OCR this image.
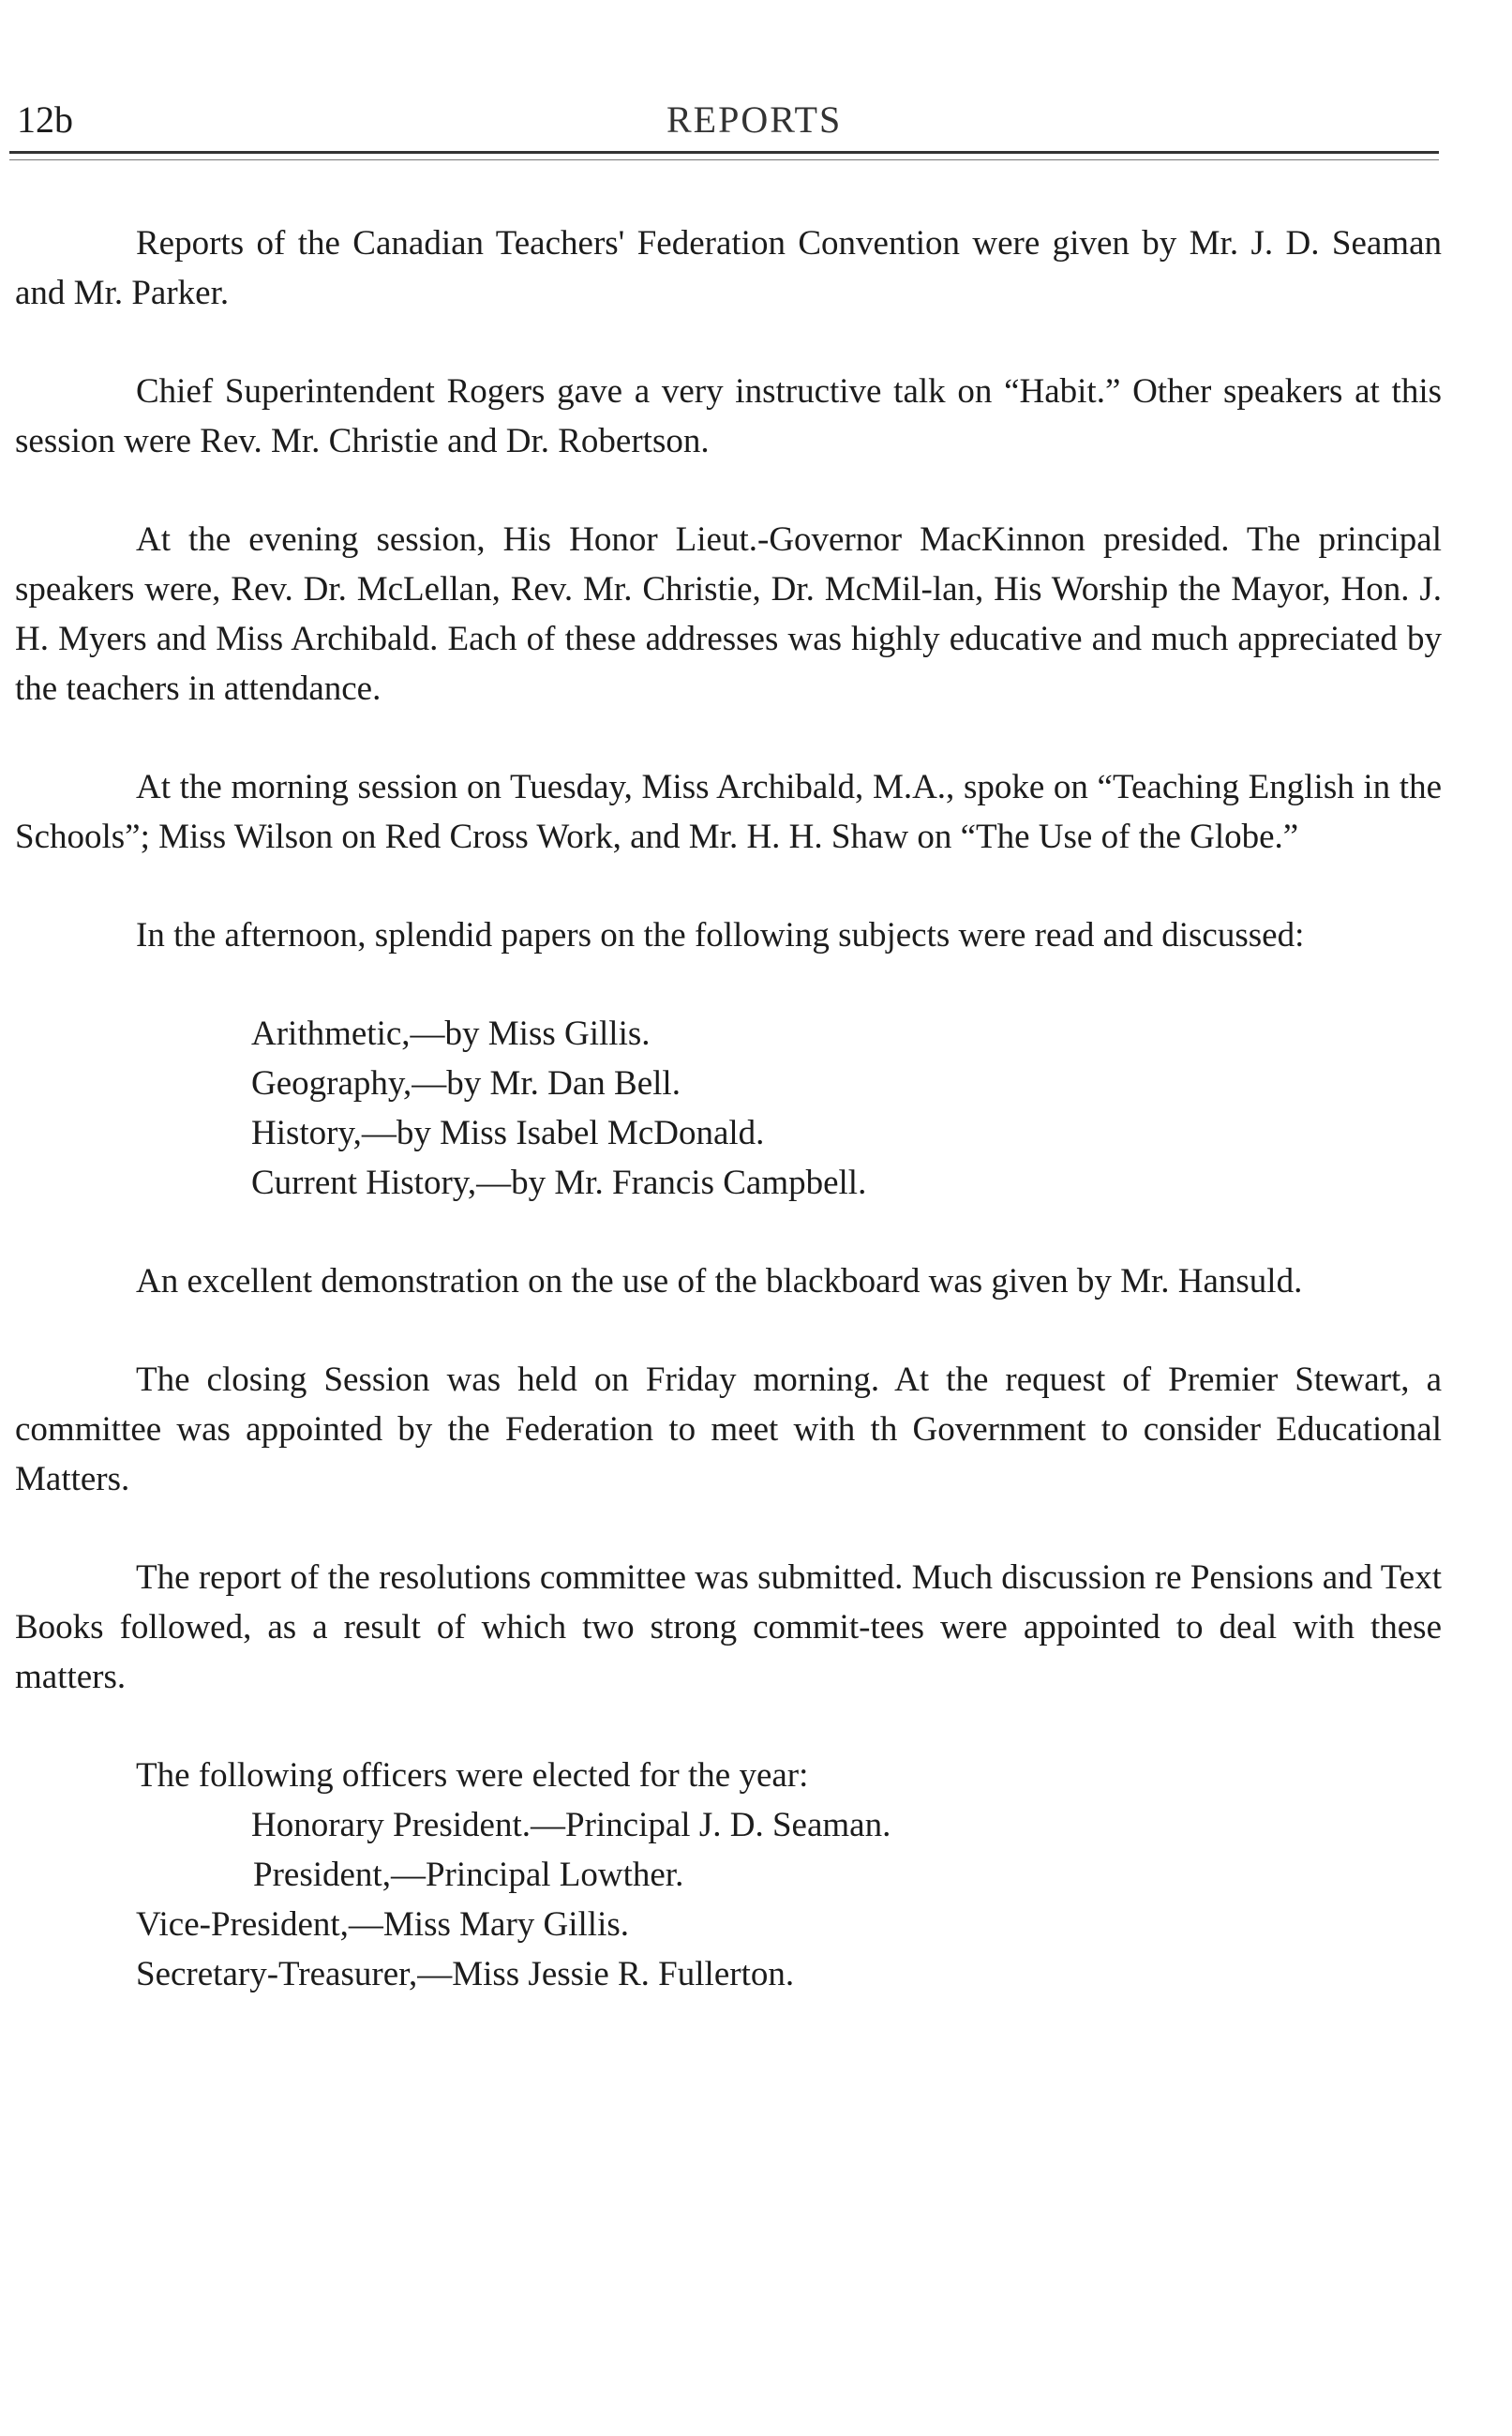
12b	REPORTS

Reports of the Canadian Teachers' Federation Convention were given by Mr. J. D. Seaman and Mr. Parker.

Chief Superintendent Rogers gave a very instructive talk on “Habit.” Other speakers at this session were Rev. Mr. Christie and Dr. Robertson.

At the evening session, His Honor Lieut.-Governor MacKinnon presided. The principal speakers were, Rev. Dr. McLellan, Rev. Mr. Christie, Dr. McMil-lan, His Worship the Mayor, Hon. J. H. Myers and Miss Archibald. Each of these addresses was highly educative and much appreciated by the teachers in attendance.

At the morning session on Tuesday, Miss Archibald, M.A., spoke on “Teaching English in the Schools”; Miss Wilson on Red Cross Work, and Mr. H. H. Shaw on “The Use of the Globe.”

In the afternoon, splendid papers on the following subjects were read and discussed:

Arithmetic,—by Miss Gillis.
Geography,—by Mr. Dan Bell.
History,—by Miss Isabel McDonald.
Current History,—by Mr. Francis Campbell.

An excellent demonstration on the use of the blackboard was given by Mr. Hansuld.

The closing Session was held on Friday morning. At the request of Premier Stewart, a committee was appointed by the Federation to meet with th Government to consider Educational Matters.

The report of the resolutions committee was submitted. Much discussion re Pensions and Text Books followed, as a result of which two strong commit-tees were appointed to deal with these matters.

The following officers were elected for the year:

Honorary President.—Principal J. D. Seaman.
President,—Principal Lowther.
Vice-President,—Miss Mary Gillis.
Secretary-Treasurer,—Miss Jessie R. Fullerton.
